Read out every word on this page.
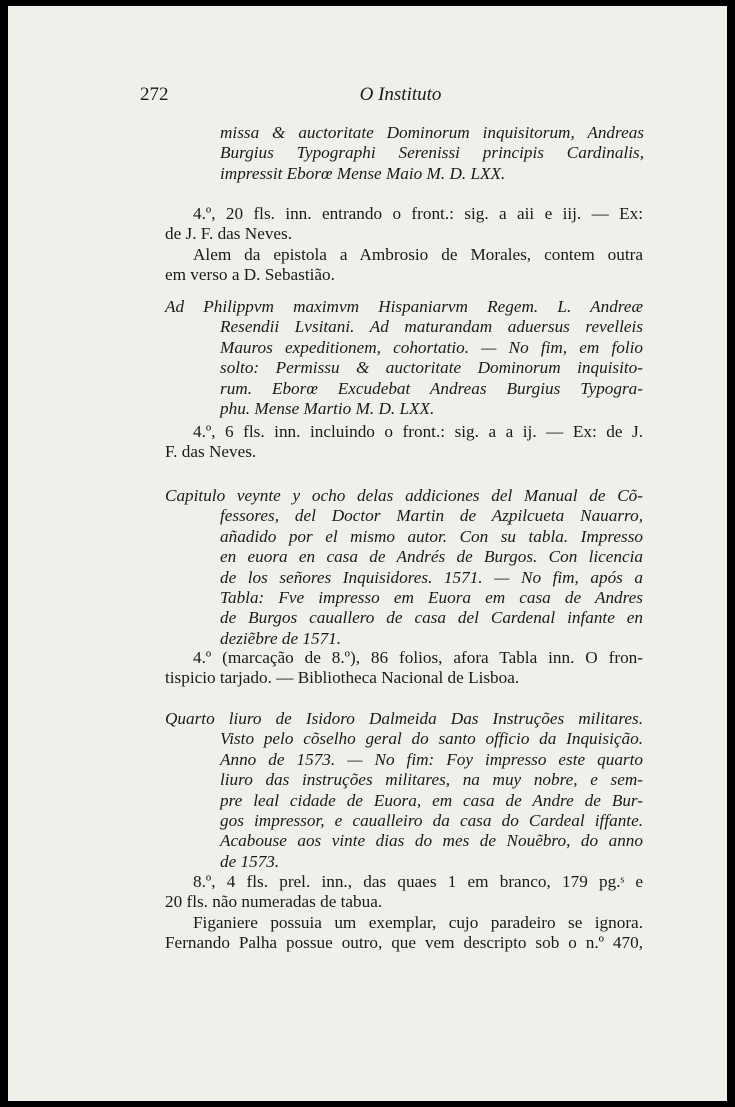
272	O Instituto
missa & auctoritate Dominorum inquisitorum, Andreas
Burgius Typographi Serenissi principis Cardinalis,
impressit Eborœ Mense Maio M. D. LXX.
4.º, 20 fls. inn. entrando o front.: sig. a aii e iij. — Ex:
de J. F. das Neves.
Alem da epistola a Ambrosio de Morales, contem outra
em verso a D. Sebastião.
Ad Philippvm maximvm Hispaniarvm Regem. L. Andreæ
Resendii Lvsitani. Ad maturandam aduersus revelleis
Mauros expeditionem, cohortatio. — No fim, em folio
solto: Permissu & auctoritate Dominorum inquisito-
rum. Eborœ Excudebat Andreas Burgius Typogra-
phu. Mense Martio M. D. LXX.
4.º, 6 fls. inn. incluindo o front.: sig. a a ij. — Ex: de J.
F. das Neves.
Capitulo veynte y ocho delas addiciones del Manual de Cõ-
fessores, del Doctor Martin de Az̧pilcueta Nauarro,
añadido por el mismo autor. Con su tabla. Impresso
en euora en casa de Andrés de Burgos. Con licencia
de los señores Inquisidores. 1571. — No fim, após a
Tabla: Fve impresso em Euora em casa de Andres
de Burgos cauallero de casa del Cardenal infante en
deziẽbre de 1571.
4.º (marcação de 8.º), 86 folios, afora Tabla inn. O fron-
tispicio tarjado. — Bibliotheca Nacional de Lisboa.
Quarto liuro de Isidoro Dalmeida Das Instruções militares.
Visto pelo cõselho geral do santo officio da Inquisição.
Anno de 1573. — No fim: Foy impresso este quarto
liuro das instruções militares, na muy nobre, e sem-
pre leal cidade de Euora, em casa de Andre de Bur-
gos impressor, e caualleiro da casa do Cardeal iffante.
Acabouse aos vinte dias do mes de Nouẽbro, do anno
de 1573.
8.º, 4 fls. prel. inn., das quaes 1 em branco, 179 pg.ˢ e
20 fls. não numeradas de tabua.
Figaniere possuia um exemplar, cujo paradeiro se ignora.
Fernando Palha possue outro, que vem descripto sob o n.º 470,
